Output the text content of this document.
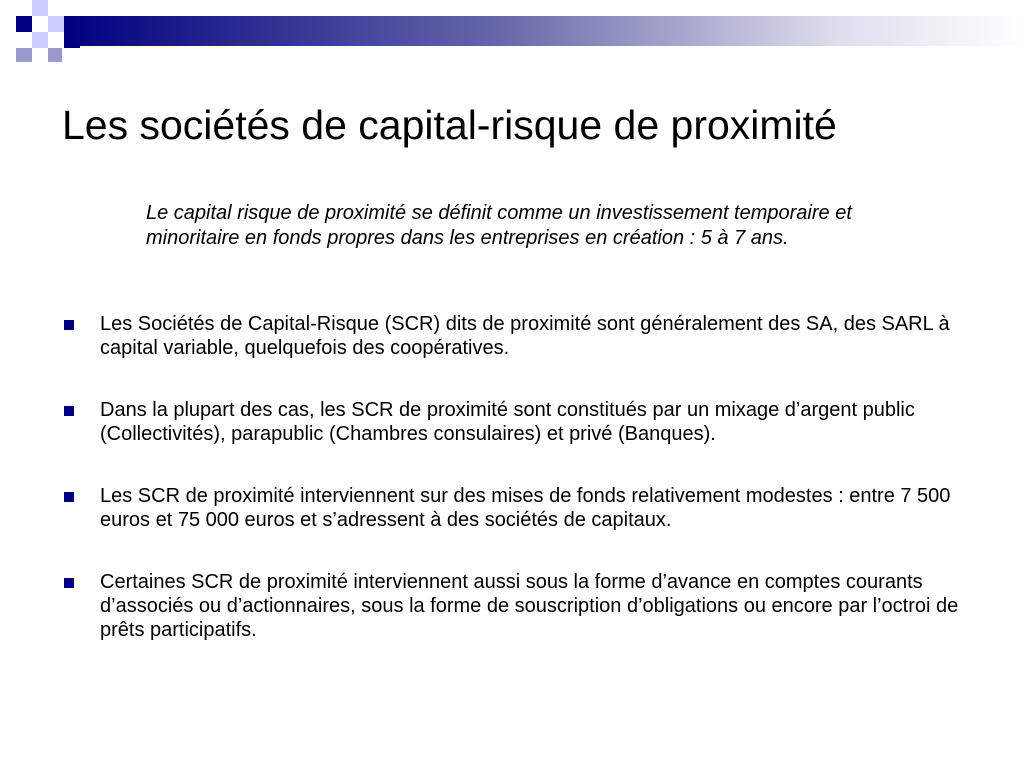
Les sociétés de capital-risque de proximité

Le capital risque de proximité se définit comme un investissement temporaire et minoritaire en fonds propres dans les entreprises en création : 5 à 7 ans.

Les Sociétés de Capital-Risque (SCR) dits de proximité sont généralement des SA, des SARL à capital variable, quelquefois des coopératives.
Dans la plupart des cas, les SCR de proximité sont constitués par un mixage d’argent public (Collectivités), parapublic (Chambres consulaires) et privé (Banques).
Les SCR de proximité interviennent sur des mises de fonds relativement modestes : entre 7 500 euros et 75 000 euros et s’adressent à des sociétés de capitaux.
Certaines SCR de proximité interviennent aussi sous la forme d’avance en comptes courants d’associés ou d’actionnaires, sous la forme de souscription d’obligations ou encore par l’octroi de prêts participatifs.
